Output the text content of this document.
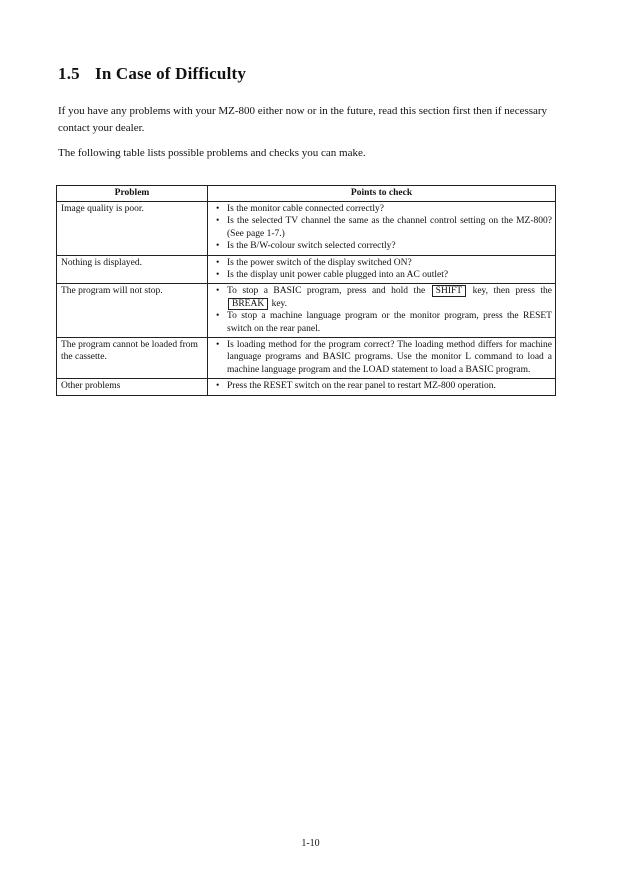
1.5 In Case of Difficulty

If you have any problems with your MZ-800 either now or in the future, read this section first then if necessary contact your dealer.

The following table lists possible problems and checks you can make.

Problem	Points to check
Image quality is poor.	• Is the monitor cable connected correctly?
• Is the selected TV channel the same as the channel control setting on the MZ-800? (See page 1-7.)
• Is the B/W-colour switch selected correctly?

Nothing is displayed.	• Is the power switch of the display switched ON?
• Is the display unit power cable plugged into an AC outlet?

The program will not stop.	• To stop a BASIC program, press and hold the SHIFT key, then press the BREAK key.
• To stop a machine language program or the monitor program, press the RESET switch on the rear panel.

The program cannot be loaded from the cassette.	• Is loading method for the program correct? The loading method differs for machine language programs and BASIC programs. Use the monitor L command to load a machine language program and the LOAD statement to load a BASIC program.

Other problems	• Press the RESET switch on the rear panel to restart MZ-800 operation.
1-10
